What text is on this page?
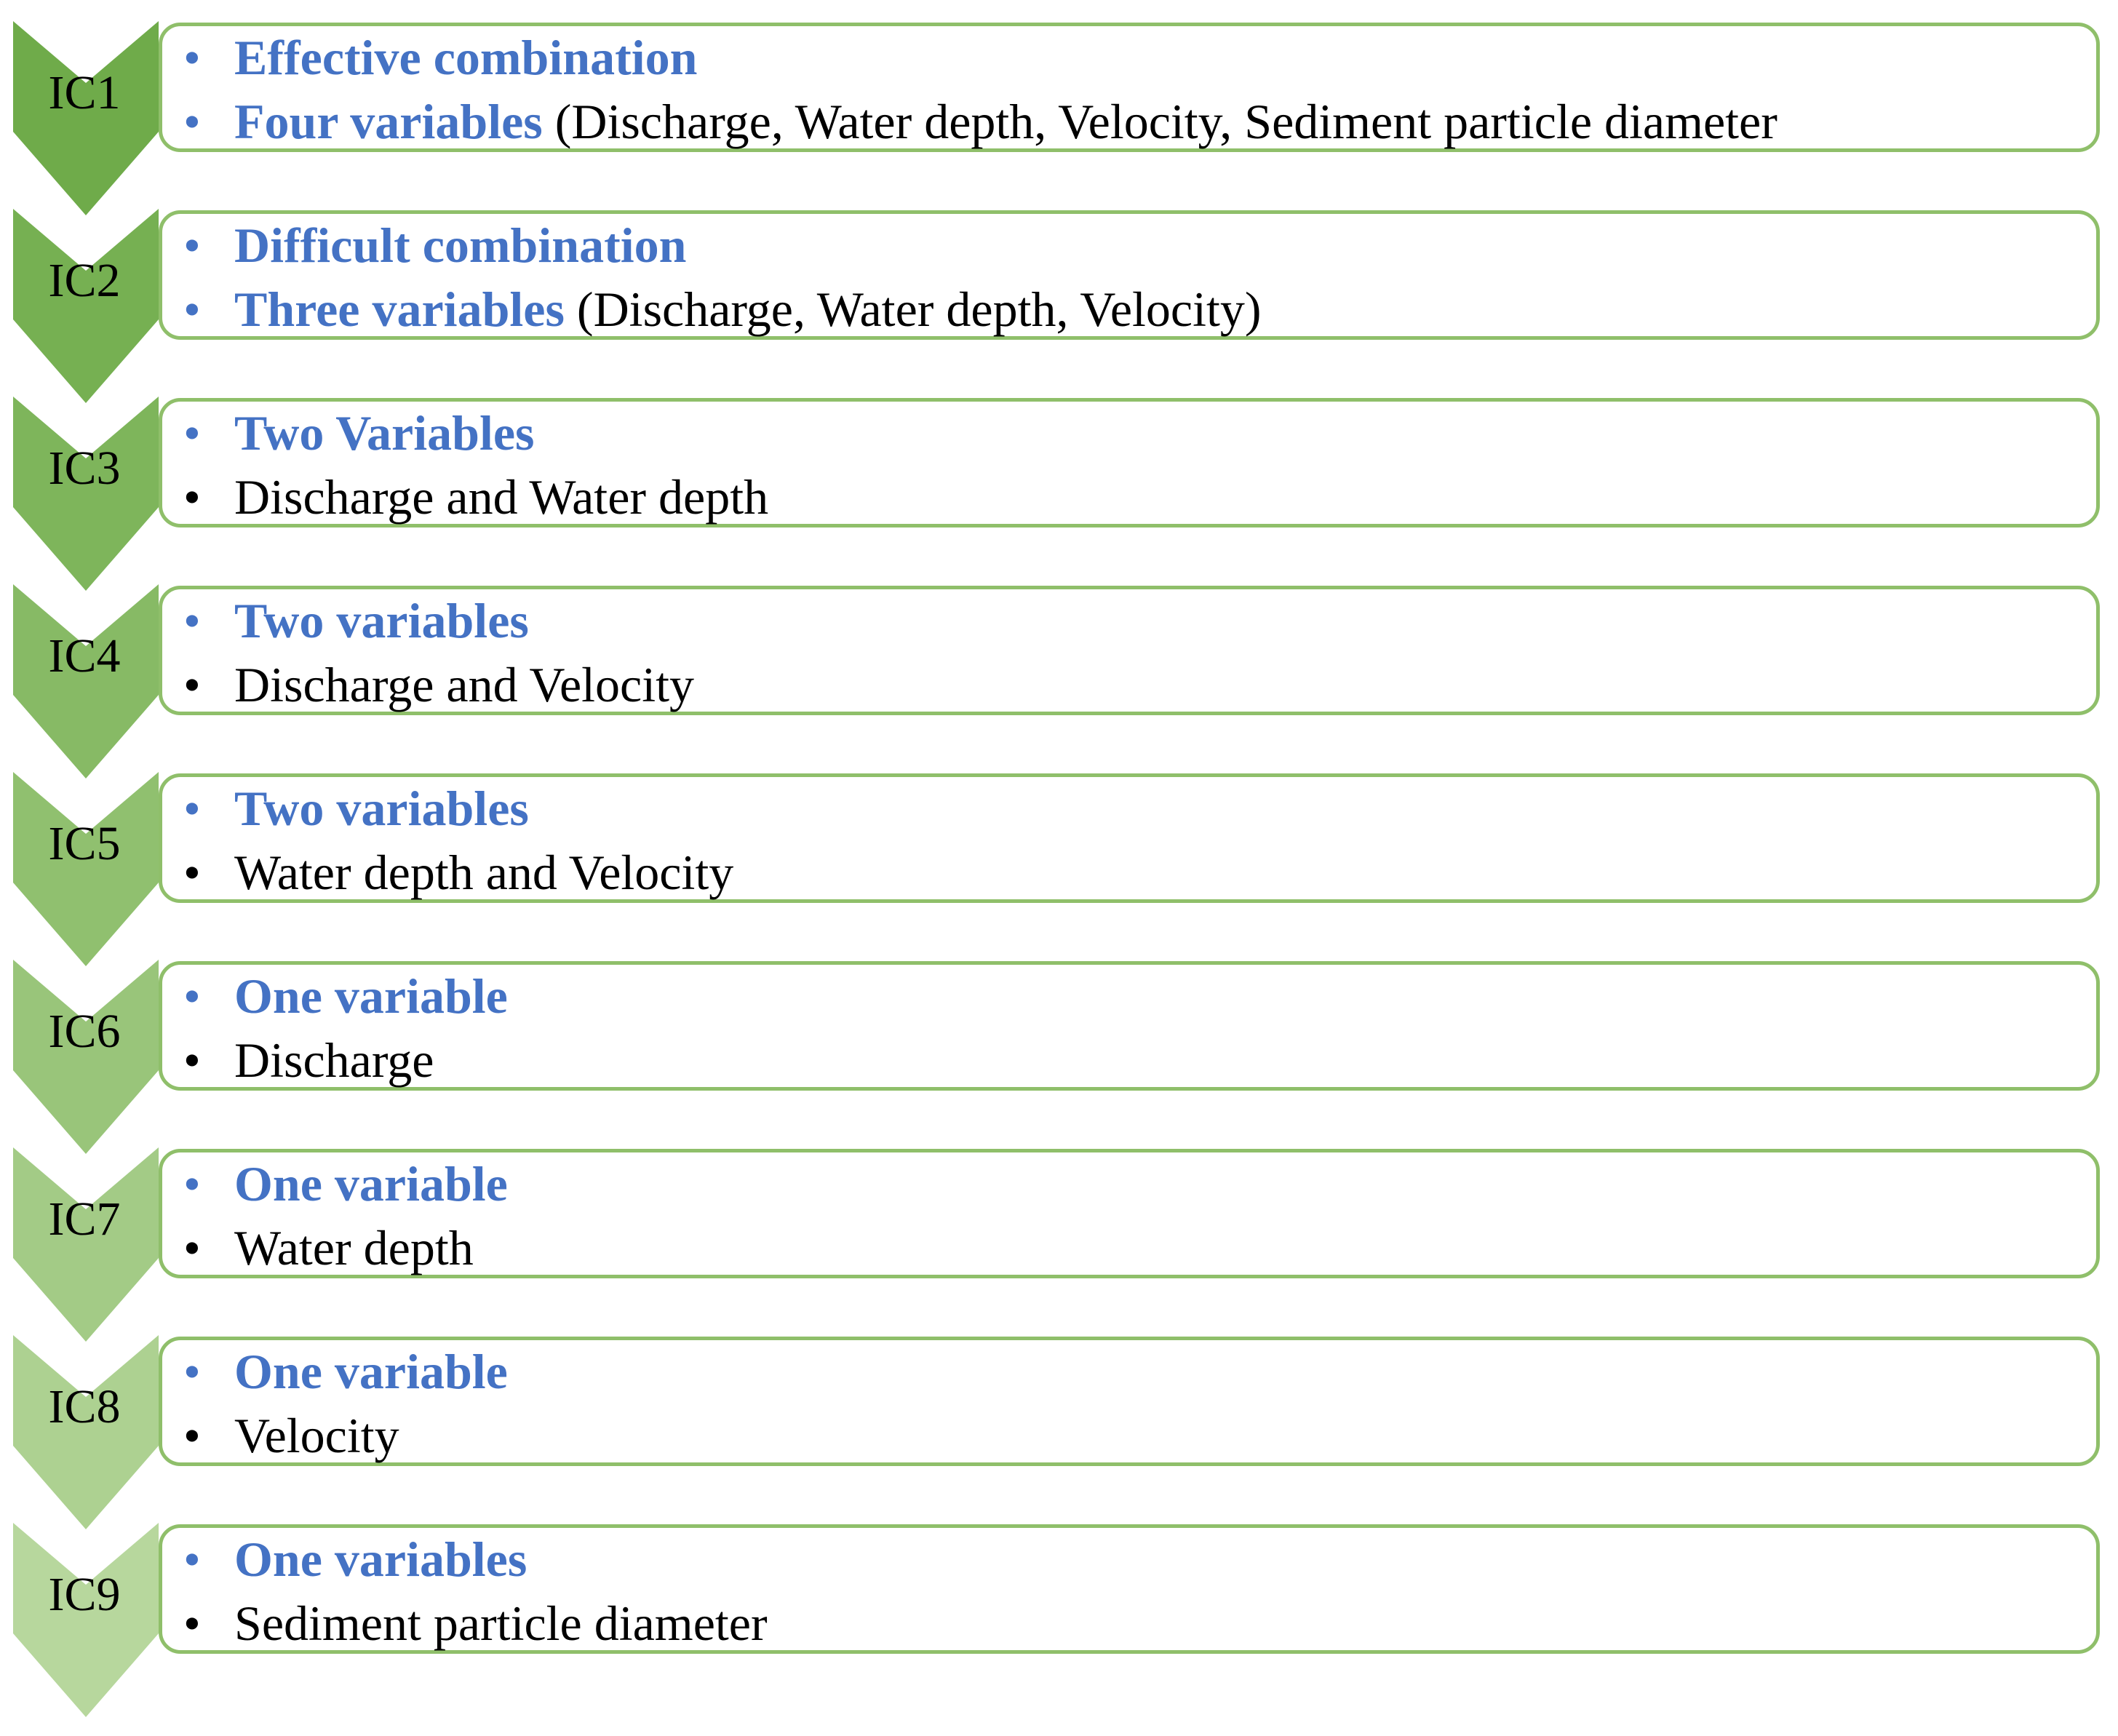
• Effective combination
• Four variables (Discharge, Water depth, Velocity, Sediment particle diameter
IC1
• Difficult combination
• Three variables (Discharge, Water depth, Velocity)
IC2
• Two Variables
• Discharge and Water depth
IC3
• Two variables
• Discharge and Velocity
IC4
• Two variables
• Water depth and Velocity
IC5
• One variable
• Discharge
IC6
• One variable
• Water depth
IC7
• One variable
• Velocity
IC8
• One variables
• Sediment particle diameter
IC9
